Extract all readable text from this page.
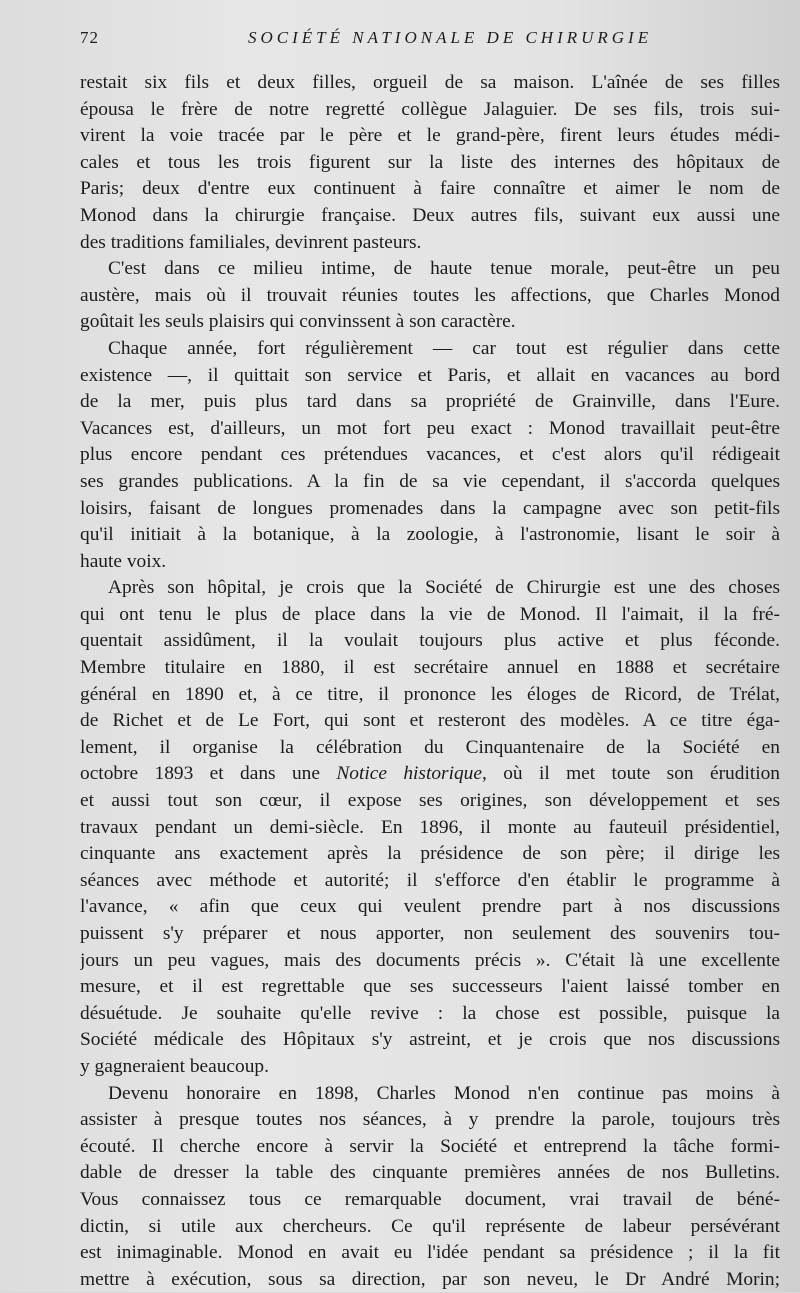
72	SOCIÉTÉ NATIONALE DE CHIRURGIE
restait six fils et deux filles, orgueil de sa maison. L'aînée de ses filles
épousa le frère de notre regretté collègue Jalaguier. De ses fils, trois sui-
virent la voie tracée par le père et le grand-père, firent leurs études médi-
cales et tous les trois figurent sur la liste des internes des hôpitaux de
Paris; deux d'entre eux continuent à faire connaître et aimer le nom de
Monod dans la chirurgie française. Deux autres fils, suivant eux aussi une
des traditions familiales, devinrent pasteurs.
C'est dans ce milieu intime, de haute tenue morale, peut-être un peu
austère, mais où il trouvait réunies toutes les affections, que Charles Monod
goûtait les seuls plaisirs qui convinssent à son caractère.
Chaque année, fort régulièrement — car tout est régulier dans cette
existence —, il quittait son service et Paris, et allait en vacances au bord
de la mer, puis plus tard dans sa propriété de Grainville, dans l'Eure.
Vacances est, d'ailleurs, un mot fort peu exact : Monod travaillait peut-être
plus encore pendant ces prétendues vacances, et c'est alors qu'il rédigeait
ses grandes publications. A la fin de sa vie cependant, il s'accorda quelques
loisirs, faisant de longues promenades dans la campagne avec son petit-fils
qu'il initiait à la botanique, à la zoologie, à l'astronomie, lisant le soir à
haute voix.
Après son hôpital, je crois que la Société de Chirurgie est une des choses
qui ont tenu le plus de place dans la vie de Monod. Il l'aimait, il la fré-
quentait assidûment, il la voulait toujours plus active et plus féconde.
Membre titulaire en 1880, il est secrétaire annuel en 1888 et secrétaire
général en 1890 et, à ce titre, il prononce les éloges de Ricord, de Trélat,
de Richet et de Le Fort, qui sont et resteront des modèles. A ce titre éga-
lement, il organise la célébration du Cinquantenaire de la Société en
octobre 1893 et dans une Notice historique, où il met toute son érudition
et aussi tout son cœur, il expose ses origines, son développement et ses
travaux pendant un demi-siècle. En 1896, il monte au fauteuil présidentiel,
cinquante ans exactement après la présidence de son père; il dirige les
séances avec méthode et autorité; il s'efforce d'en établir le programme à
l'avance, « afin que ceux qui veulent prendre part à nos discussions
puissent s'y préparer et nous apporter, non seulement des souvenirs tou-
jours un peu vagues, mais des documents précis ». C'était là une excellente
mesure, et il est regrettable que ses successeurs l'aient laissé tomber en
désuétude. Je souhaite qu'elle revive : la chose est possible, puisque la
Société médicale des Hôpitaux s'y astreint, et je crois que nos discussions
y gagneraient beaucoup.
Devenu honoraire en 1898, Charles Monod n'en continue pas moins à
assister à presque toutes nos séances, à y prendre la parole, toujours très
écouté. Il cherche encore à servir la Société et entreprend la tâche formi-
dable de dresser la table des cinquante premières années de nos Bulletins.
Vous connaissez tous ce remarquable document, vrai travail de béné-
dictin, si utile aux chercheurs. Ce qu'il représente de labeur persévérant
est inimaginable. Monod en avait eu l'idée pendant sa présidence ; il la fit
mettre à exécution, sous sa direction, par son neveu, le Dr André Morin;
